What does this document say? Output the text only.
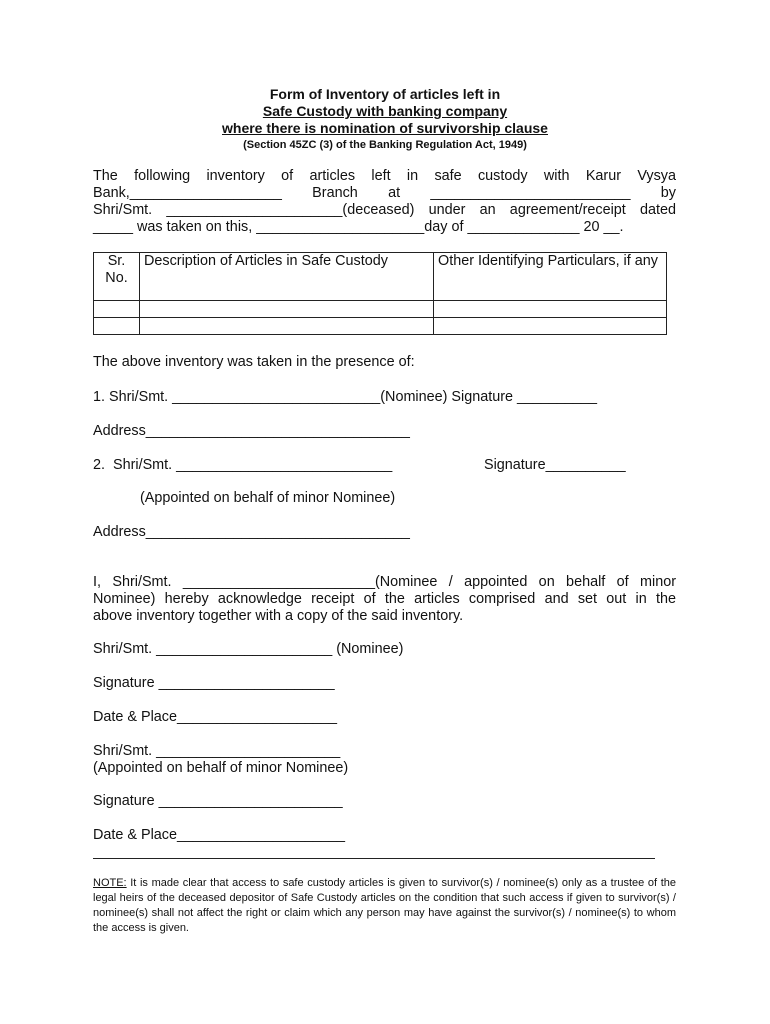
Form of Inventory of articles left in
Safe Custody with banking company
where there is nomination of survivorship clause
(Section 45ZC (3) of the Banking Regulation Act, 1949)
The following inventory of articles left in safe custody with Karur Vysya
Bank,___________________ Branch at _________________________ by
Shri/Smt. ______________________(deceased) under an agreement/receipt dated
_____ was taken on this, _____________________day of ______________ 20 __.
Sr. No.	Description of Articles in Safe Custody	Other Identifying Particulars, if any

The above inventory was taken in the presence of:
1. Shri/Smt. __________________________(Nominee) Signature __________
Address_________________________________
2.  Shri/Smt. ___________________________	Signature__________
(Appointed on behalf of minor Nominee)
Address_________________________________
I, Shri/Smt. ________________________(Nominee / appointed on behalf of minor
Nominee) hereby acknowledge receipt of the articles comprised and set out in the
above inventory together with a copy of the said inventory.
Shri/Smt. ______________________ (Nominee)
Signature ______________________
Date & Place____________________
Shri/Smt. _______________________
(Appointed on behalf of minor Nominee)
Signature _______________________
Date & Place_____________________
NOTE: It is made clear that access to safe custody articles is given to survivor(s) / nominee(s) only as a trustee of the legal heirs of the deceased depositor of Safe Custody articles on the condition that such access if given to survivor(s) / nominee(s) shall not affect the right or claim which any person may have against the survivor(s) / nominee(s) to whom the access is given.
